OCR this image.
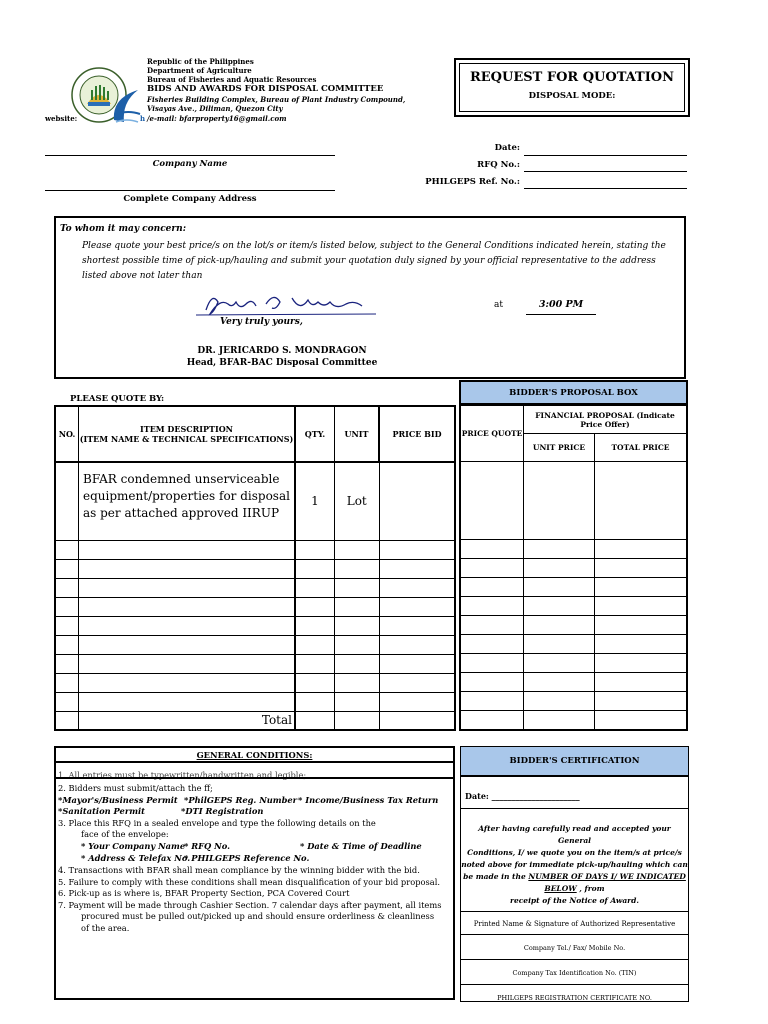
Republic of the Philippines
Department of Agriculture
Bureau of Fisheries and Aquatic Resources
BIDS AND AWARDS FOR DISPOSAL COMMITTEE
Fisheries Building Complex, Bureau of Plant Industry Compound,
Visayas Ave., Diliman, Quezon City
website:	h /e-mail: bfarproperty16@gmail.com
REQUEST FOR QUOTATION
DISPOSAL MODE:
Company Name
Complete Company Address
Date:
RFQ No.:
PHILGEPS Ref. No.:
To whom it may concern:
Please quote your best price/s on the lot/s or item/s listed below, subject to the General Conditions indicated herein, stating the shortest possible time of pick-up/hauling and submit your quotation duly signed by your official representative to the address listed above not later than
Very truly yours,
at	3:00 PM
DR. JERICARDO S. MONDRAGON
Head, BFAR-BAC Disposal Committee
PLEASE QUOTE BY:
NO.	ITEM DESCRIPTION
(ITEM NAME & TECHNICAL SPECIFICATIONS)	QTY.	UNIT	PRICE BID
	BFAR condemned unserviceable equipment/properties for disposal as per attached approved IIRUP	1	Lot	

	Total			
BIDDER'S PROPOSAL BOX
PRICE QUOTE	FINANCIAL PROPOSAL (Indicate Price Offer)	
	UNIT PRICE	TOTAL PRICE

GENERAL CONDITIONS:
1. All entries must be typewritten/handwritten and legible;
2. Bidders must submit/attach the ff;
*Mayor's/Business Permit *PhilGEPS Reg. Number * Income/Business Tax Return
*Sanitation Permit	*DTI Registration
3. Place this RFQ in a sealed envelope and type the following details on the
face of the envelope:
* Your Company Name
* RFQ No.	* Date & Time of Deadline
* Address & Telefax No.
* PHILGEPS Reference No.
4. Transactions with BFAR shall mean compliance by the winning bidder with the bid.
5. Failure to comply with these conditions shall mean disqualification of your bid proposal.
6. Pick-up as is where is, BFAR Property Section, PCA Covered Court
7. Payment will be made through Cashier Section. 7 calendar days after payment, all items
procured must be pulled out/picked up and should ensure orderliness & cleanliness
of the area.
BIDDER'S CERTIFICATION
Date: ______________________
After having carefully read and accepted your General
Conditions, I/ we quote you on the item/s at price/s
noted above for immediate pick-up/hauling which can
be made in the NUMBER OF DAYS I/ WE INDICATED
BELOW , from
receipt of the Notice of Award.
Printed Name & Signature of Authorized Representative
Company Tel./ Fax/ Mobile No.
Company Tax Identification No. (TIN)
PHILGEPS REGISTRATION CERTIFICATE NO.
